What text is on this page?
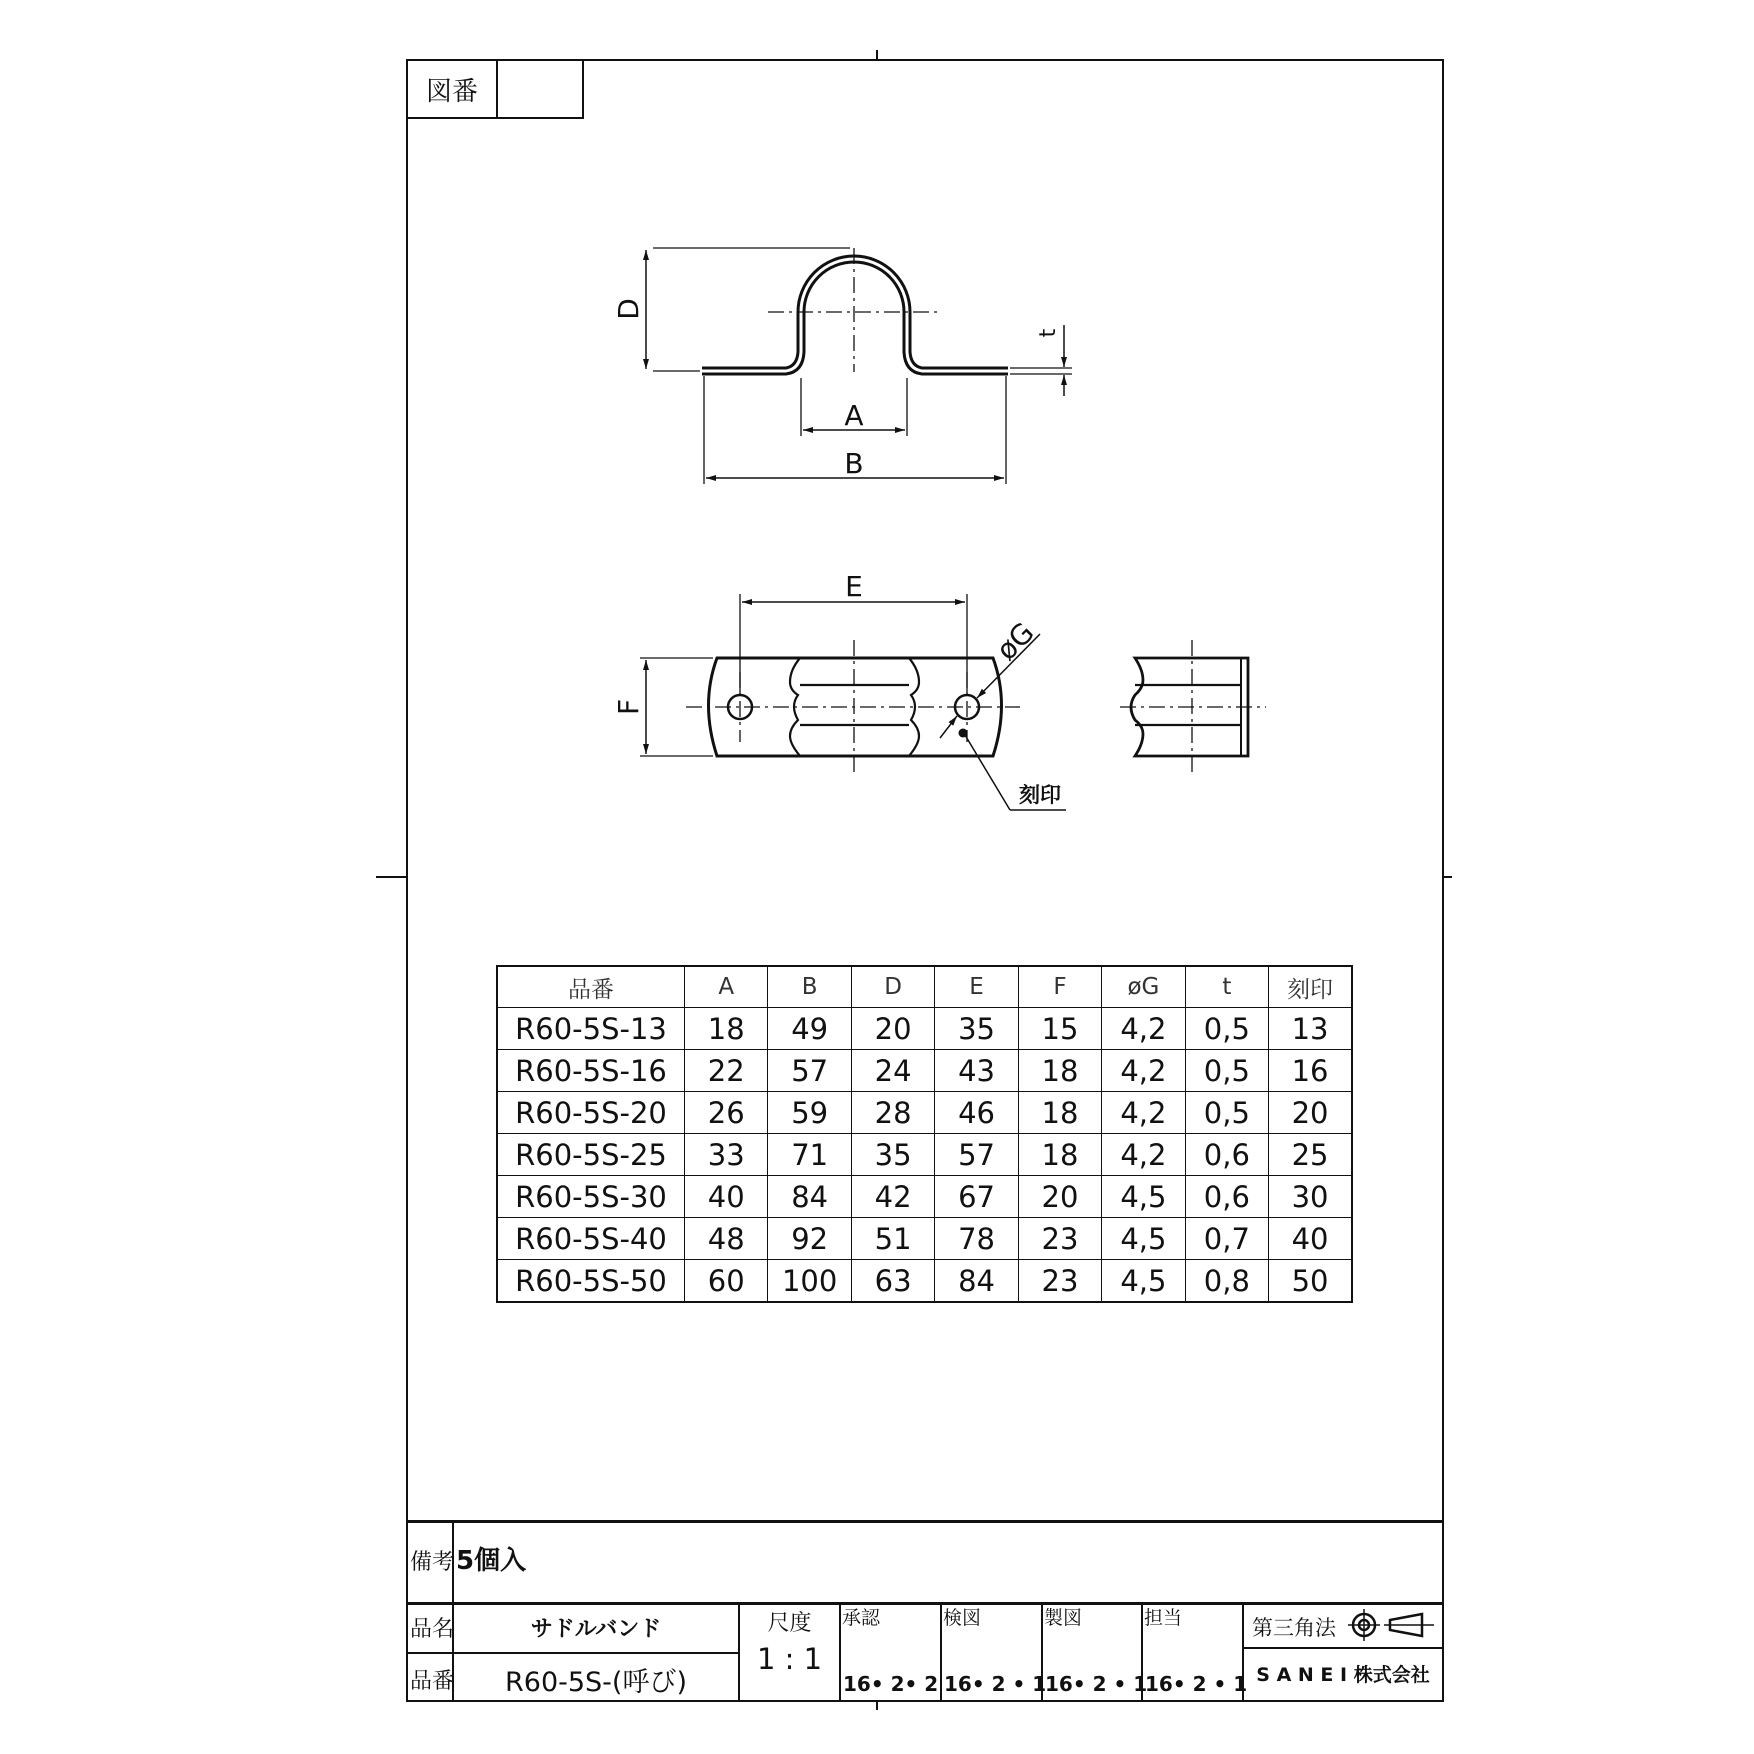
図番
A
B
D
t
E
F
øG
刻印
品番	A	B	D	E	F	øG	t	刻印
R60-5S-13	18	49	20	35	15	4,2	0,5	13
R60-5S-16	22	57	24	43	18	4,2	0,5	16
R60-5S-20	26	59	28	46	18	4,2	0,5	20
R60-5S-25	33	71	35	57	18	4,2	0,6	25
R60-5S-30	40	84	42	67	20	4,5	0,6	30
R60-5S-40	48	92	51	78	23	4,5	0,7	40
R60-5S-50	60	100	63	84	23	4,5	0,8	50
備考 5個入
品名	サドルバンド
品番	R60-5S-(呼び)
尺度
1 : 1
承認
16• 2• 2
検図
16• 2 • 1
製図
16• 2 • 1
担当
16• 2 • 1
第三角法
S A N E I 株式会社
